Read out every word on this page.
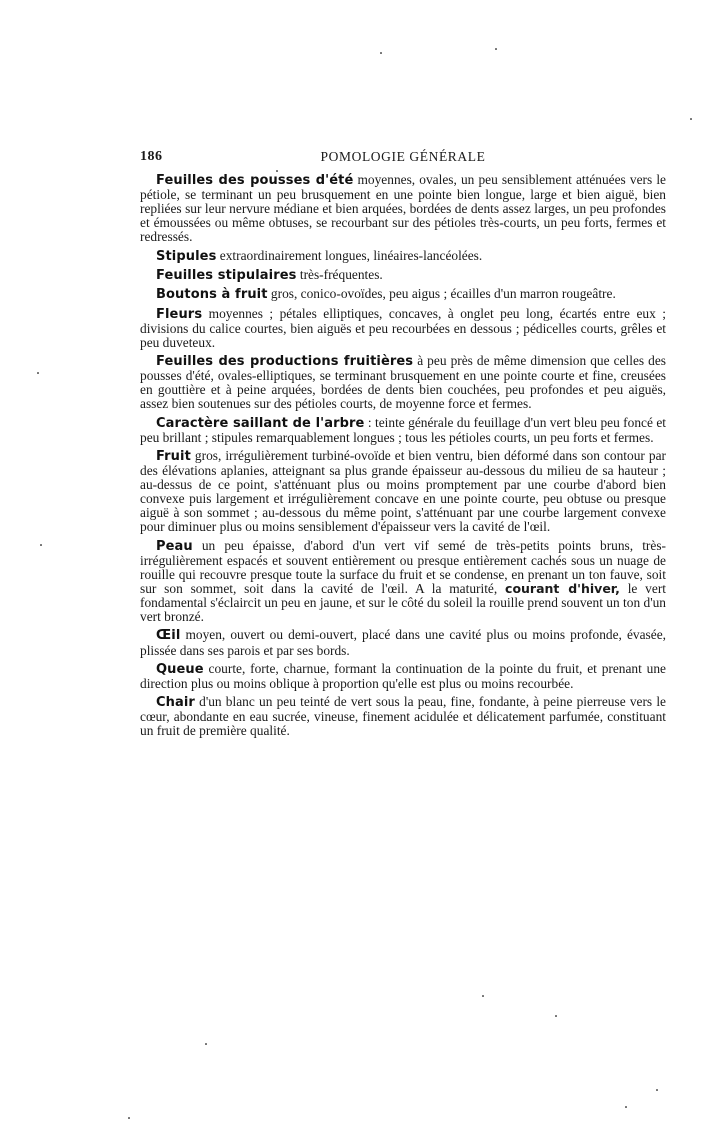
186	POMOLOGIE GÉNÉRALE

Feuilles des pousses d'été moyennes, ovales, un peu sensiblement atténuées vers le pétiole, se terminant un peu brusquement en une pointe bien longue, large et bien aiguë, bien repliées sur leur nervure médiane et bien arquées, bordées de dents assez larges, un peu profondes et émoussées ou même obtuses, se recourbant sur des pétioles très-courts, un peu forts, fermes et redressés.

Stipules extraordinairement longues, linéaires-lancéolées.

Feuilles stipulaires très-fréquentes.

Boutons à fruit gros, conico-ovoïdes, peu aigus ; écailles d'un marron rougeâtre.

Fleurs moyennes ; pétales elliptiques, concaves, à onglet peu long, écartés entre eux ; divisions du calice courtes, bien aiguës et peu recourbées en dessous ; pédicelles courts, grêles et peu duveteux.

Feuilles des productions fruitières à peu près de même dimension que celles des pousses d'été, ovales-elliptiques, se terminant brusquement en une pointe courte et fine, creusées en gouttière et à peine arquées, bordées de dents bien couchées, peu profondes et peu aiguës, assez bien soutenues sur des pétioles courts, de moyenne force et fermes.

Caractère saillant de l'arbre : teinte générale du feuillage d'un vert bleu peu foncé et peu brillant ; stipules remarquablement longues ; tous les pétioles courts, un peu forts et fermes.

Fruit gros, irrégulièrement turbiné-ovoïde et bien ventru, bien déformé dans son contour par des élévations aplanies, atteignant sa plus grande épaisseur au-dessous du milieu de sa hauteur ; au-dessus de ce point, s'atténuant plus ou moins promptement par une courbe d'abord bien convexe puis largement et irrégulièrement concave en une pointe courte, peu obtuse ou presque aiguë à son sommet ; au-dessous du même point, s'atténuant par une courbe largement convexe pour diminuer plus ou moins sensiblement d'épaisseur vers la cavité de l'œil.

Peau un peu épaisse, d'abord d'un vert vif semé de très-petits points bruns, très-irrégulièrement espacés et souvent entièrement ou presque entièrement cachés sous un nuage de rouille qui recouvre presque toute la surface du fruit et se condense, en prenant un ton fauve, soit sur son sommet, soit dans la cavité de l'œil. A la maturité, courant d'hiver, le vert fondamental s'éclaircit un peu en jaune, et sur le côté du soleil la rouille prend souvent un ton d'un vert bronzé.

Œil moyen, ouvert ou demi-ouvert, placé dans une cavité plus ou moins profonde, évasée, plissée dans ses parois et par ses bords.

Queue courte, forte, charnue, formant la continuation de la pointe du fruit, et prenant une direction plus ou moins oblique à proportion qu'elle est plus ou moins recourbée.

Chair d'un blanc un peu teinté de vert sous la peau, fine, fondante, à peine pierreuse vers le cœur, abondante en eau sucrée, vineuse, finement acidulée et délicatement parfumée, constituant un fruit de première qualité.
